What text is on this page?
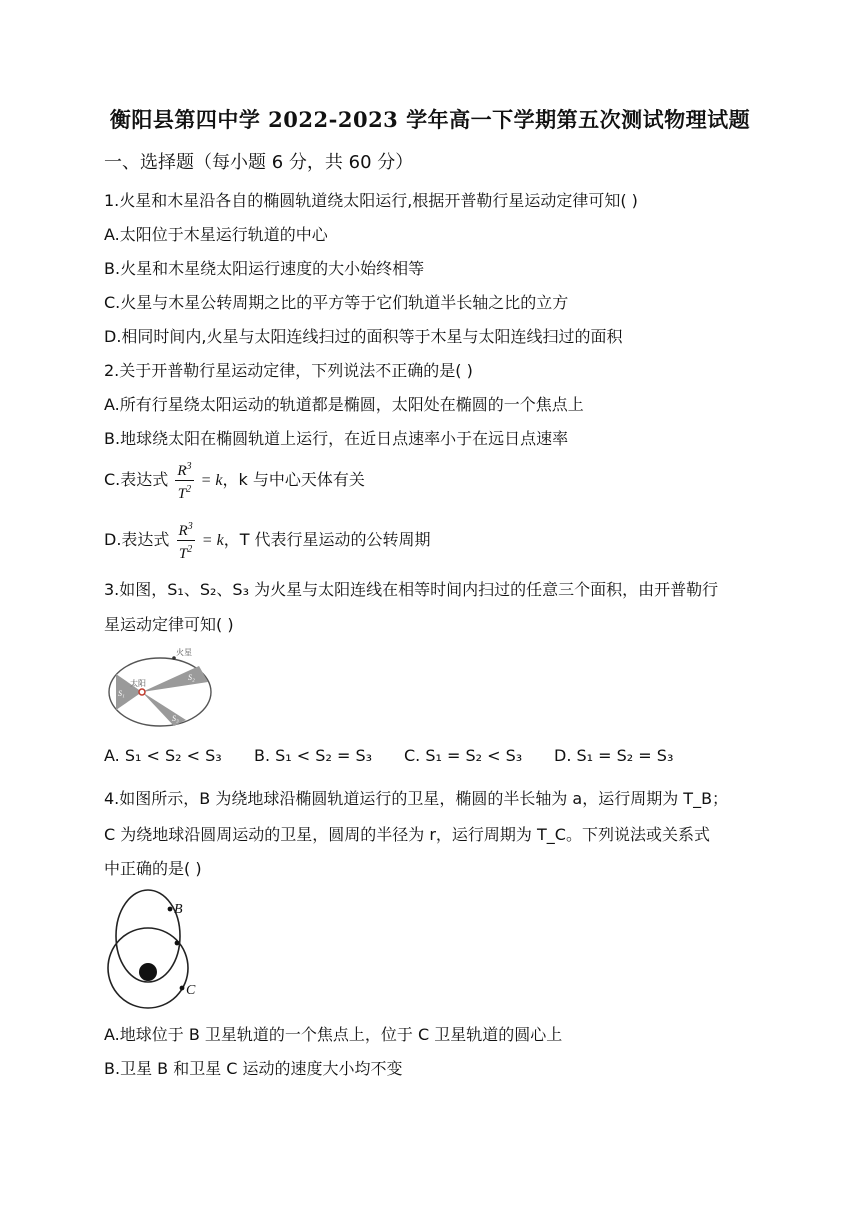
衡阳县第四中学 2022-2023 学年高一下学期第五次测试物理试题
一、选择题（每小题 6 分，共 60 分）
1.火星和木星沿各自的椭圆轨道绕太阳运行,根据开普勒行星运动定律可知( )
A.太阳位于木星运行轨道的中心
B.火星和木星绕太阳运行速度的大小始终相等
C.火星与木星公转周期之比的平方等于它们轨道半长轴之比的立方
D.相同时间内,火星与太阳连线扫过的面积等于木星与太阳连线扫过的面积
2.关于开普勒行星运动定律，下列说法不正确的是( )
A.所有行星绕太阳运动的轨道都是椭圆，太阳处在椭圆的一个焦点上
B.地球绕太阳在椭圆轨道上运行，在近日点速率小于在远日点速率
C.表达式 $\frac{R^3}{T^2} = k$，k 与中心天体有关
D.表达式 $\frac{R^3}{T^2} = k$，T 代表行星运动的公转周期
3.如图，S₁、S₂、S₃ 为火星与太阳连线在相等时间内扫过的任意三个面积，由开普勒行
星运动定律可知( )
火星
太阳
S₁
S₂
S₃
A. S₁ < S₂ < S₃ B. S₁ < S₂ = S₃ C. S₁ = S₂ < S₃ D. S₁ = S₂ = S₃
4.如图所示，B 为绕地球沿椭圆轨道运行的卫星，椭圆的半长轴为 a，运行周期为 T_B；
C 为绕地球沿圆周运动的卫星，圆周的半径为 r，运行周期为 T_C。下列说法或关系式
中正确的是( )
B
C
A.地球位于 B 卫星轨道的一个焦点上，位于 C 卫星轨道的圆心上
B.卫星 B 和卫星 C 运动的速度大小均不变
